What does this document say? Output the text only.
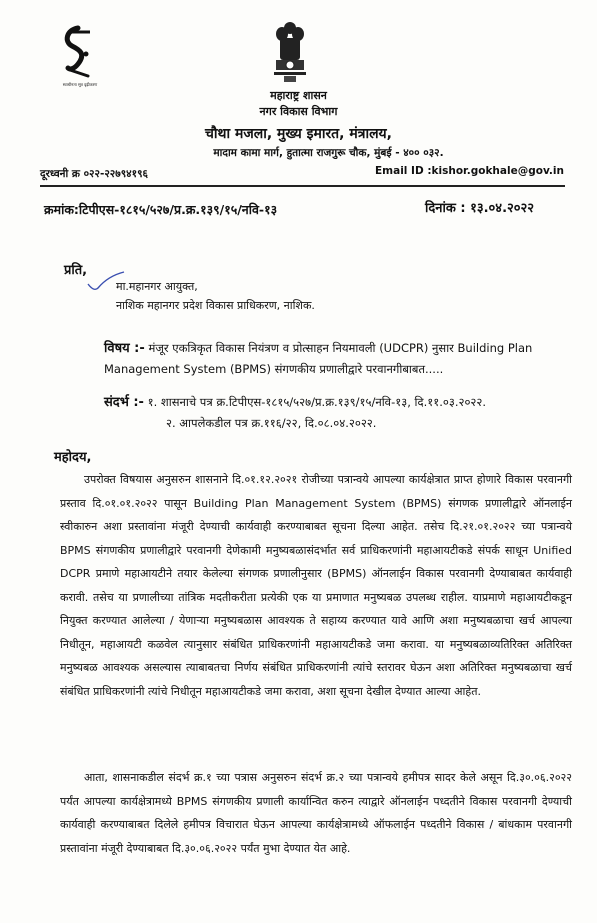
स्वाधीनता सूत्र दृढ़ीकरण
महाराष्ट्र शासन
नगर विकास विभाग
चौथा मजला, मुख्य इमारत, मंत्रालय,
मादाम कामा मार्ग, हुतात्मा राजगुरू चौक, मुंबई - ४०० ०३२.
दूरध्वनी क्र ०२२-२२७९४१९६	Email ID :kishor.gokhale@gov.in
क्रमांक:टिपीएस-१८१५/५२७/प्र.क्र.१३९/१५/नवि-१३	दिनांक : १३.०४.२०२२
प्रति,
मा.महानगर आयुक्त,
नाशिक महानगर प्रदेश विकास प्राधिकरण, नाशिक.
विषय :- मंजूर एकत्रिकृत विकास नियंत्रण व प्रोत्साहन नियमावली (UDCPR) नुसार Building Plan Management System (BPMS) संगणकीय प्रणालीद्वारे परवानगीबाबत.....
संदर्भ :- १. शासनाचे पत्र क्र.टिपीएस-१८१५/५२७/प्र.क्र.१३९/१५/नवि-१३, दि.११.०३.२०२२.
२. आपलेकडील पत्र क्र.११६/२२, दि.०८.०४.२०२२.
महोदय,
उपरोक्त विषयास अनुसरुन शासनाने दि.०१.१२.२०२१ रोजीच्या पत्रान्वये आपल्या कार्यक्षेत्रात प्राप्त होणारे विकास परवानगी प्रस्ताव दि.०१.०१.२०२२ पासून Building Plan Management System (BPMS) संगणक प्रणालीद्वारे ऑनलाईन स्वीकारुन अशा प्रस्तावांना मंजूरी देण्याची कार्यवाही करण्याबाबत सूचना दिल्या आहेत. तसेच दि.२१.०१.२०२२ च्या पत्रान्वये BPMS संगणकीय प्रणालीद्वारे परवानगी देणेकामी मनुष्यबळासंदर्भात सर्व प्राधिकरणांनी महाआयटीकडे संपर्क साधून Unified DCPR प्रमाणे महाआयटीने तयार केलेल्या संगणक प्रणालीनुसार (BPMS) ऑनलाईन विकास परवानगी देण्याबाबत कार्यवाही करावी. तसेच या प्रणालीच्या तांत्रिक मदतीकरीता प्रत्येकी एक या प्रमाणात मनुष्यबळ उपलब्ध राहील. याप्रमाणे महाआयटीकडून नियुक्त करण्यात आलेल्या / येणाऱ्या मनुष्यबळास आवश्यक ते सहाय्य करण्यात यावे आणि अशा मनुष्यबळाचा खर्च आपल्या निधीतून, महाआयटी कळवेल त्यानुसार संबंधित प्राधिकरणांनी महाआयटीकडे जमा करावा. या मनुष्यबळाव्यतिरिक्त अतिरिक्त मनुष्यबळ आवश्यक असल्यास त्याबाबतचा निर्णय संबंधित प्राधिकरणांनी त्यांचे स्तरावर घेऊन अशा अतिरिक्त मनुष्यबळाचा खर्च संबंधित प्राधिकरणांनी त्यांचे निधीतून महाआयटीकडे जमा करावा, अशा सूचना देखील देण्यात आल्या आहेत.
आता, शासनाकडील संदर्भ क्र.१ च्या पत्रास अनुसरुन संदर्भ क्र.२ च्या पत्रान्वये हमीपत्र सादर केले असून दि.३०.०६.२०२२ पर्यंत आपल्या कार्यक्षेत्रामध्ये BPMS संगणकीय प्रणाली कार्यान्वित करुन त्याद्वारे ऑनलाईन पध्दतीने विकास परवानगी देण्याची कार्यवाही करण्याबाबत दिलेले हमीपत्र विचारात घेऊन आपल्या कार्यक्षेत्रामध्ये ऑफलाईन पध्दतीने विकास / बांधकाम परवानगी प्रस्तावांना मंजूरी देण्याबाबत दि.३०.०६.२०२२ पर्यंत मुभा देण्यात येत आहे.
